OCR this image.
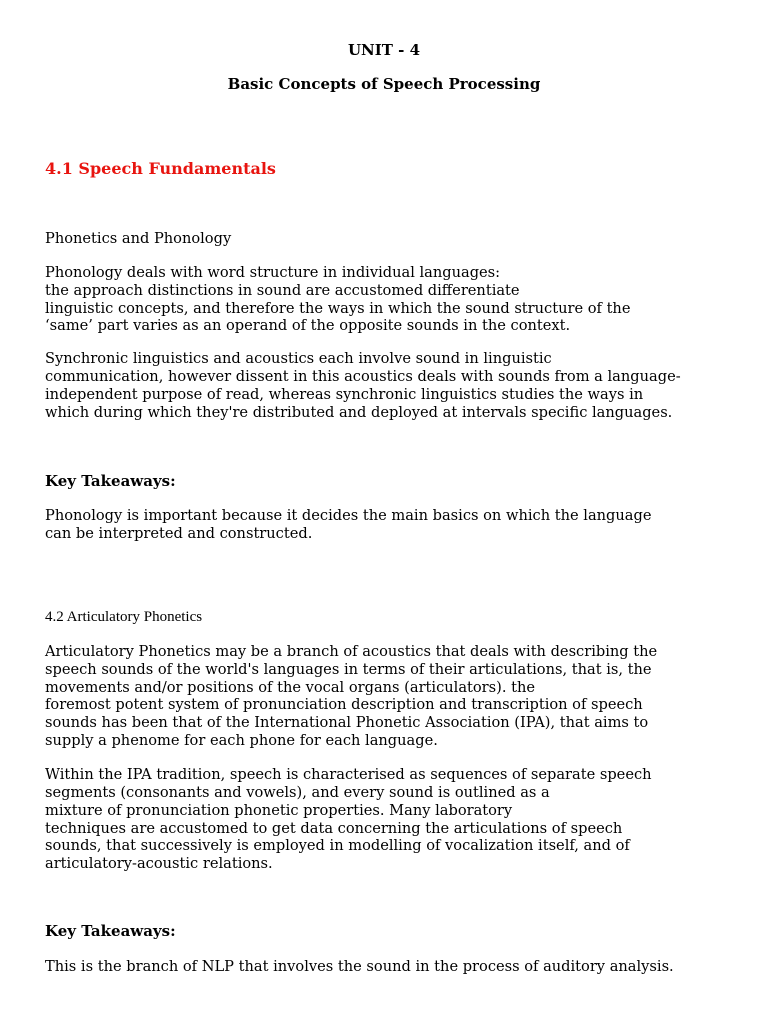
UNIT - 4
Basic Concepts of Speech Processing
4.1 Speech Fundamentals
Phonetics and Phonology
Phonology deals with word structure in individual languages:
the approach distinctions in sound are accustomed differentiate
linguistic concepts, and therefore the ways in which the sound structure of the
‘same’ part varies as an operand of the opposite sounds in the context.
Synchronic linguistics and acoustics each involve sound in linguistic
communication, however dissent in this acoustics deals with sounds from a language-
independent purpose of read, whereas synchronic linguistics studies the ways in
which during which they're distributed and deployed at intervals specific languages.
Key Takeaways:
Phonology is important because it decides the main basics on which the language
can be interpreted and constructed.
4.2 Articulatory Phonetics
Articulatory Phonetics may be a branch of acoustics that deals with describing the
speech sounds of the world's languages in terms of their articulations, that is, the
movements and/or positions of the vocal organs (articulators). the
foremost potent system of pronunciation description and transcription of speech
sounds has been that of the International Phonetic Association (IPA), that aims to
supply a phenome for each phone for each language.
Within the IPA tradition, speech is characterised as sequences of separate speech
segments (consonants and vowels), and every sound is outlined as a
mixture of pronunciation phonetic properties. Many laboratory
techniques are accustomed to get data concerning the articulations of speech
sounds, that successively is employed in modelling of vocalization itself, and of
articulatory-acoustic relations.
Key Takeaways:
This is the branch of NLP that involves the sound in the process of auditory analysis.
